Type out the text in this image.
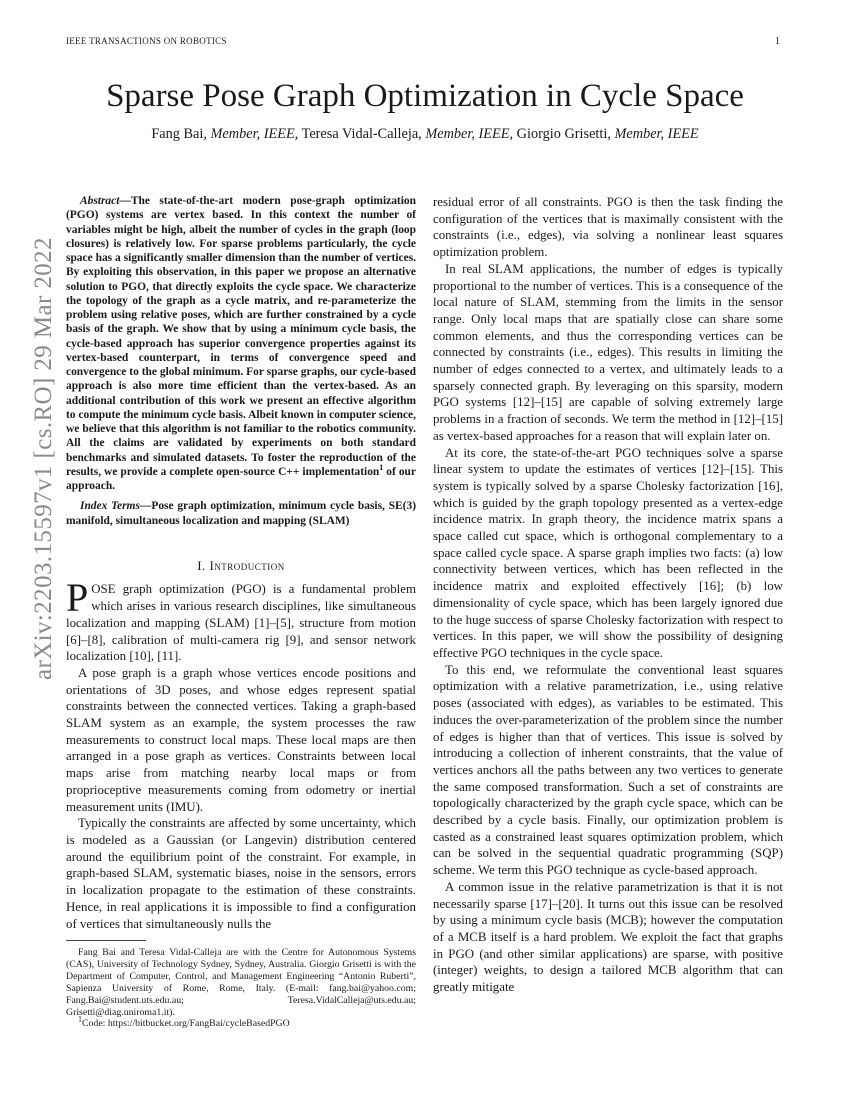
IEEE TRANSACTIONS ON ROBOTICS	1
arXiv:2203.15597v1 [cs.RO] 29 Mar 2022
Sparse Pose Graph Optimization in Cycle Space
Fang Bai, Member, IEEE, Teresa Vidal-Calleja, Member, IEEE, Giorgio Grisetti, Member, IEEE

Abstract—The state-of-the-art modern pose-graph optimization (PGO) systems are vertex based. In this context the number of variables might be high, albeit the number of cycles in the graph (loop closures) is relatively low. For sparse problems particularly, the cycle space has a significantly smaller dimension than the number of vertices. By exploiting this observation, in this paper we propose an alternative solution to PGO, that directly exploits the cycle space. We characterize the topology of the graph as a cycle matrix, and re-parameterize the problem using relative poses, which are further constrained by a cycle basis of the graph. We show that by using a minimum cycle basis, the cycle-based approach has superior convergence properties against its vertex-based counterpart, in terms of convergence speed and convergence to the global minimum. For sparse graphs, our cycle-based approach is also more time efficient than the vertex-based. As an additional contribution of this work we present an effective algorithm to compute the minimum cycle basis. Albeit known in computer science, we believe that this algorithm is not familiar to the robotics community. All the claims are validated by experiments on both standard benchmarks and simulated datasets. To foster the reproduction of the results, we provide a complete open-source C++ implementation$^1$ of our approach.

Index Terms—Pose graph optimization, minimum cycle basis, SE(3) manifold, simultaneous localization and mapping (SLAM)

I. Introduction

POSE graph optimization (PGO) is a fundamental problem which arises in various research disciplines, like simultaneous localization and mapping (SLAM) [1]–[5], structure from motion [6]–[8], calibration of multi-camera rig [9], and sensor network localization [10], [11].

A pose graph is a graph whose vertices encode positions and orientations of 3D poses, and whose edges represent spatial constraints between the connected vertices. Taking a graph-based SLAM system as an example, the system processes the raw measurements to construct local maps. These local maps are then arranged in a pose graph as vertices. Constraints between local maps arise from matching nearby local maps or from proprioceptive measurements coming from odometry or inertial measurement units (IMU).

Typically the constraints are affected by some uncertainty, which is modeled as a Gaussian (or Langevin) distribution centered around the equilibrium point of the constraint. For example, in graph-based SLAM, systematic biases, noise in the sensors, errors in localization propagate to the estimation of these constraints. Hence, in real applications it is impossible to find a configuration of vertices that simultaneously nulls the

Fang Bai and Teresa Vidal-Calleja are with the Centre for Autonomous Systems (CAS), University of Technology Sydney, Sydney, Australia. Giorgio Grisetti is with the Department of Computer, Control, and Management Engineering “Antonio Ruberti”, Sapienza University of Rome, Rome, Italy. (E-mail: fang.bai@yahoo.com; Fang.Bai@student.uts.edu.au; Teresa.VidalCalleja@uts.edu.au; Grisetti@diag.uniroma1.it).
$^1$Code: https://bitbucket.org/FangBai/cycleBasedPGO

residual error of all constraints. PGO is then the task finding the configuration of the vertices that is maximally consistent with the constraints (i.e., edges), via solving a nonlinear least squares optimization problem.

In real SLAM applications, the number of edges is typically proportional to the number of vertices. This is a consequence of the local nature of SLAM, stemming from the limits in the sensor range. Only local maps that are spatially close can share some common elements, and thus the corresponding vertices can be connected by constraints (i.e., edges). This results in limiting the number of edges connected to a vertex, and ultimately leads to a sparsely connected graph. By leveraging on this sparsity, modern PGO systems [12]–[15] are capable of solving extremely large problems in a fraction of seconds. We term the method in [12]–[15] as vertex-based approaches for a reason that will explain later on.

At its core, the state-of-the-art PGO techniques solve a sparse linear system to update the estimates of vertices [12]–[15]. This system is typically solved by a sparse Cholesky factorization [16], which is guided by the graph topology presented as a vertex-edge incidence matrix. In graph theory, the incidence matrix spans a space called cut space, which is orthogonal complementary to a space called cycle space. A sparse graph implies two facts: (a) low connectivity between vertices, which has been reflected in the incidence matrix and exploited effectively [16]; (b) low dimensionality of cycle space, which has been largely ignored due to the huge success of sparse Cholesky factorization with respect to vertices. In this paper, we will show the possibility of designing effective PGO techniques in the cycle space.

To this end, we reformulate the conventional least squares optimization with a relative parametrization, i.e., using relative poses (associated with edges), as variables to be estimated. This induces the over-parameterization of the problem since the number of edges is higher than that of vertices. This issue is solved by introducing a collection of inherent constraints, that the value of vertices anchors all the paths between any two vertices to generate the same composed transformation. Such a set of constraints are topologically characterized by the graph cycle space, which can be described by a cycle basis. Finally, our optimization problem is casted as a constrained least squares optimization problem, which can be solved in the sequential quadratic programming (SQP) scheme. We term this PGO technique as cycle-based approach.

A common issue in the relative parametrization is that it is not necessarily sparse [17]–[20]. It turns out this issue can be resolved by using a minimum cycle basis (MCB); however the computation of a MCB itself is a hard problem. We exploit the fact that graphs in PGO (and other similar applications) are sparse, with positive (integer) weights, to design a tailored MCB algorithm that can greatly mitigate
